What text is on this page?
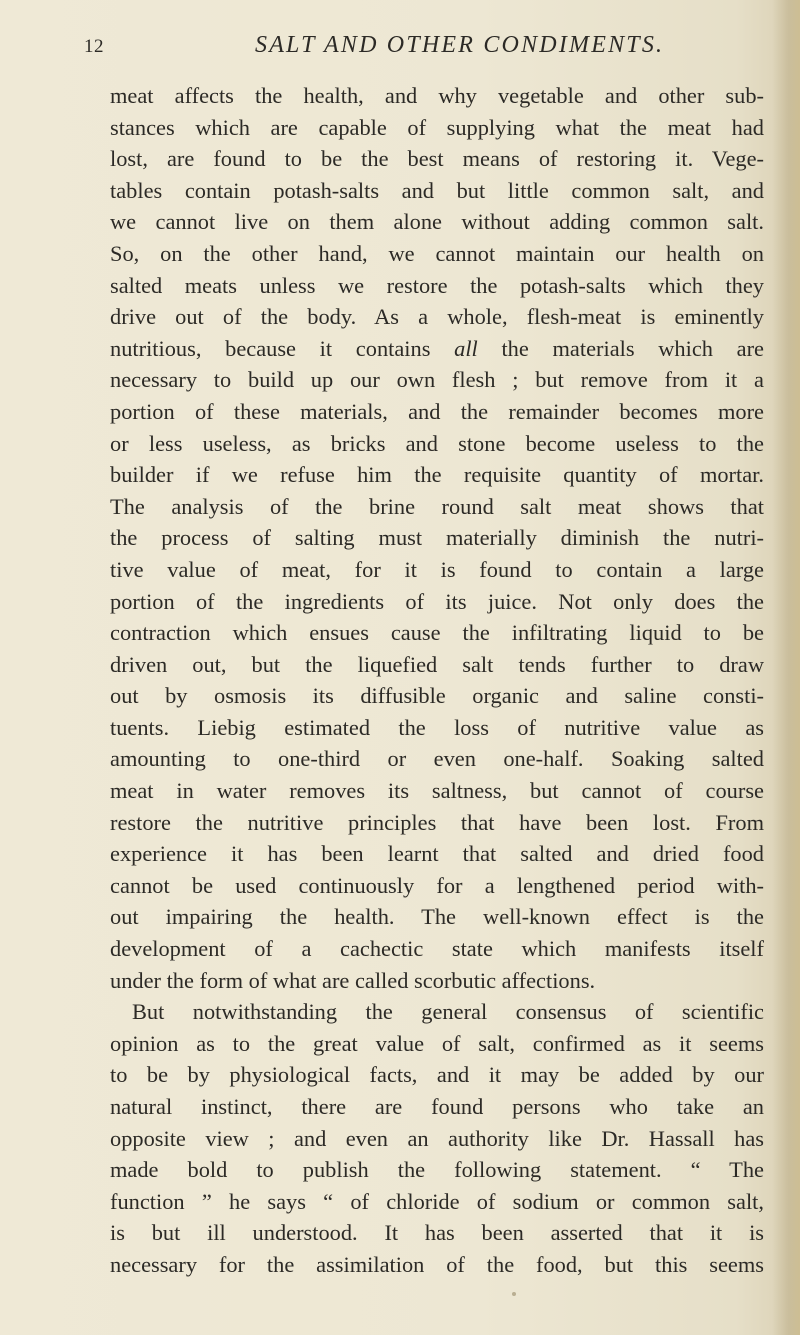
12	SALT AND OTHER CONDIMENTS.
meat affects the health, and why vegetable and other sub-
stances which are capable of supplying what the meat had
lost, are found to be the best means of restoring it. Vege-
tables contain potash-salts and but little common salt, and
we cannot live on them alone without adding common salt.
So, on the other hand, we cannot maintain our health on
salted meats unless we restore the potash-salts which they
drive out of the body. As a whole, flesh-meat is eminently
nutritious, because it contains all the materials which are
necessary to build up our own flesh ; but remove from it a
portion of these materials, and the remainder becomes more
or less useless, as bricks and stone become useless to the
builder if we refuse him the requisite quantity of mortar.
The analysis of the brine round salt meat shows that
the process of salting must materially diminish the nutri-
tive value of meat, for it is found to contain a large
portion of the ingredients of its juice. Not only does the
contraction which ensues cause the infiltrating liquid to be
driven out, but the liquefied salt tends further to draw
out by osmosis its diffusible organic and saline consti-
tuents. Liebig estimated the loss of nutritive value as
amounting to one-third or even one-half. Soaking salted
meat in water removes its saltness, but cannot of course
restore the nutritive principles that have been lost. From
experience it has been learnt that salted and dried food
cannot be used continuously for a lengthened period with-
out impairing the health. The well-known effect is the
development of a cachectic state which manifests itself
under the form of what are called scorbutic affections.
But notwithstanding the general consensus of scientific
opinion as to the great value of salt, confirmed as it seems
to be by physiological facts, and it may be added by our
natural instinct, there are found persons who take an
opposite view ; and even an authority like Dr. Hassall has
made bold to publish the following statement. “ The
function ” he says “ of chloride of sodium or common salt,
is but ill understood. It has been asserted that it is
necessary for the assimilation of the food, but this seems
